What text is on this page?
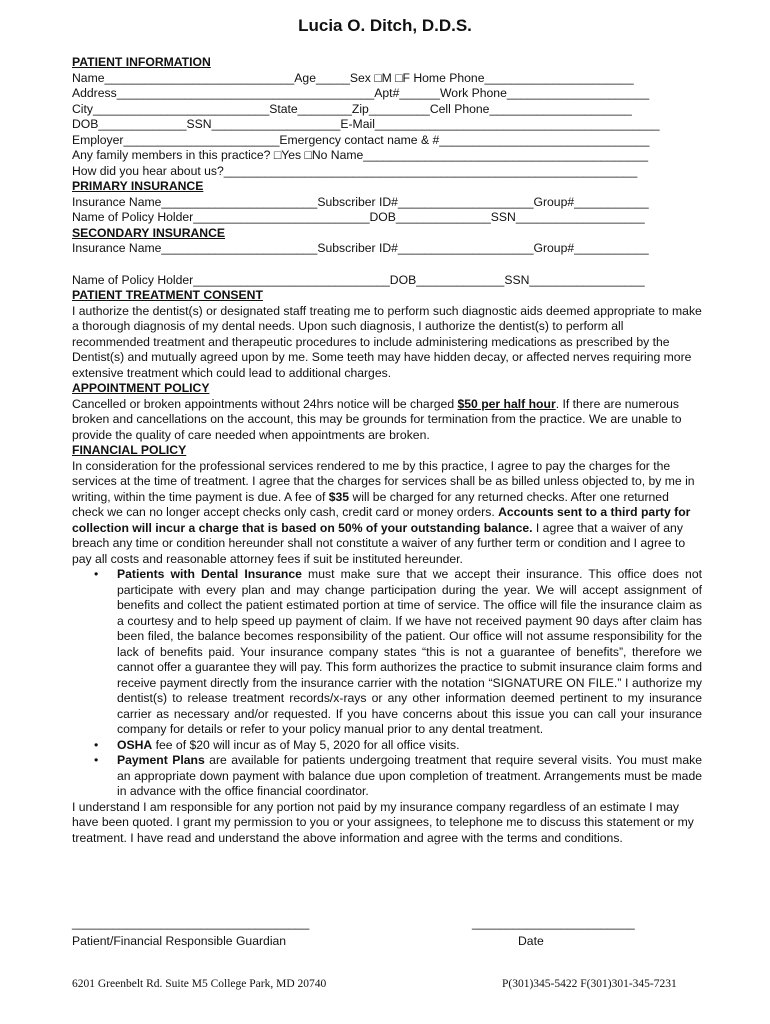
Lucia O. Ditch, D.D.S.
PATIENT INFORMATION
Name____________________________Age_____Sex □M □F Home Phone______________________
Address______________________________________Apt#______Work Phone_____________________
City__________________________State________Zip_________Cell Phone_____________________
DOB_____________SSN___________________E-Mail__________________________________________
Employer_______________________Emergency contact name & #_______________________________
Any family members in this practice? □Yes □No Name__________________________________________
How did you hear about us?_____________________________________________________________
PRIMARY INSURANCE
Insurance Name_______________________Subscriber ID#____________________Group#___________
Name of Policy Holder__________________________DOB______________SSN___________________
SECONDARY INSURANCE
Insurance Name_______________________Subscriber ID#____________________Group#___________
Name of Policy Holder_____________________________DOB_____________SSN_________________
PATIENT TREATMENT CONSENT

I authorize the dentist(s) or designated staff treating me to perform such diagnostic aids deemed appropriate to make a thorough diagnosis of my dental needs. Upon such diagnosis, I authorize the dentist(s) to perform all recommended treatment and therapeutic procedures to include administering medications as prescribed by the Dentist(s) and mutually agreed upon by me. Some teeth may have hidden decay, or affected nerves requiring more extensive treatment which could lead to additional charges.

APPOINTMENT POLICY

Cancelled or broken appointments without 24hrs notice will be charged $50 per half hour. If there are numerous broken and cancellations on the account, this may be grounds for termination from the practice. We are unable to provide the quality of care needed when appointments are broken.

FINANCIAL POLICY

In consideration for the professional services rendered to me by this practice, I agree to pay the charges for the services at the time of treatment. I agree that the charges for services shall be as billed unless objected to, by me in writing, within the time payment is due. A fee of $35 will be charged for any returned checks. After one returned check we can no longer accept checks only cash, credit card or money orders. Accounts sent to a third party for collection will incur a charge that is based on 50% of your outstanding balance. I agree that a waiver of any breach any time or condition hereunder shall not constitute a waiver of any further term or condition and I agree to pay all costs and reasonable attorney fees if suit be instituted hereunder.

• Patients with Dental Insurance must make sure that we accept their insurance. This office does not participate with every plan and may change participation during the year. We will accept assignment of benefits and collect the patient estimated portion at time of service. The office will file the insurance claim as a courtesy and to help speed up payment of claim. If we have not received payment 90 days after claim has been filed, the balance becomes responsibility of the patient. Our office will not assume responsibility for the lack of benefits paid. Your insurance company states “this is not a guarantee of benefits”, therefore we cannot offer a guarantee they will pay. This form authorizes the practice to submit insurance claim forms and receive payment directly from the insurance carrier with the notation “SIGNATURE ON FILE.” I authorize my dentist(s) to release treatment records/x-rays or any other information deemed pertinent to my insurance carrier as necessary and/or requested. If you have concerns about this issue you can call your insurance company for details or refer to your policy manual prior to any dental treatment.
• OSHA fee of $20 will incur as of May 5, 2020 for all office visits.
• Payment Plans are available for patients undergoing treatment that require several visits. You must make an appropriate down payment with balance due upon completion of treatment. Arrangements must be made in advance with the office financial coordinator.

I understand I am responsible for any portion not paid by my insurance company regardless of an estimate I may have been quoted. I grant my permission to you or your assignees, to telephone me to discuss this statement or my treatment. I have read and understand the above information and agree with the terms and conditions.

___________________________________
Patient/Financial Responsible Guardian
________________________
Date
6201 Greenbelt Rd. Suite M5 College Park, MD 20740	P(301)345-5422 F(301)301-345-7231
